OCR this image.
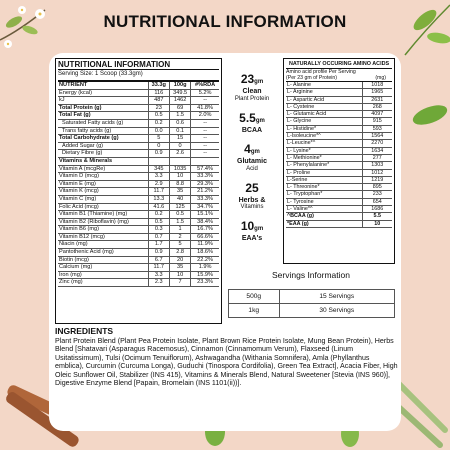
NUTRITIONAL INFORMATION
NUTRITIONAL INFORMATION
Serving Size: 1 Scoop (33.3gm)
NUTRIENT	33.3g	100g	#%RDA
Energy (kcal)	116	349.5	5.2%
kJ	487	1462	--
Total Protein (g)	23	69	41.8%
Total Fat (g)	0.5	1.5	2.0%
Saturated Fatty acids (g)	0.2	0.6	--
Trans fatty acids (g)	0.0	0.1	--
Total Carbohydrate (g)	5	15	--
Added Sugar (g)	0	0	--
Dietary Fibre (g)	0.9	2.6	--
Vitamins & Minerals			
Vitamin A (mcgRe)	345	1035	57.4%
Vitamin D (mcg)	3.3	10	33.3%
Vitamin E (mg)	2.9	8.8	29.3%
Vitamin K (mcg)	11.7	35	21.2%
Vitamin C (mg)	13.3	40	33.3%
Folic Acid (mcg)	41.6	125	34.7%
Vitamin B1 (Thiamine) (mg)	0.2	0.5	15.1%
Vitamin B2 (Riboflavin) (mg)	0.5	1.5	38.4%
Vitamin B6 (mg)	0.3	1	16.7%
Vitamin B12 (mcg)	0.7	2	66.6%
Niacin (mg)	1.7	5	11.9%
Pantothenic Acid (mg)	0.9	2.8	18.6%
Biotin (mcg)	6.7	20	22.2%
Calcium (mg)	11.7	35	1.9%
Iron (mg)	3.3	10	15.9%
Zinc (mg)	2.3	7	23.3%
23gm
Clean
Plant Protein
5.5gm
BCAA
4gm
Glutamic
Acid
25
Herbs &
Vitamins
10gm
EAA's
NATURALLY OCCURING AMINO ACIDS
Amino acid profile Per Serving
(Per 23 gm of Protein)	(mg)
L- Alanine	1018
L- Arginine	1965
L- Aspartic Acid	2631
L- Cysteine	268
L- Glutamic Acid	4097
L- Glycine	915
L- Histidine*	593
L-Isoleucine*^	1564
L-Leucine*^	2270
L- Lysine*	1634
L- Methionine*	277
L- Phenylalanine*	1303
L- Proline	1012
L-Serine	1219
L- Threonine*	895
L- Tryptophan*	233
L- Tyrosine	654
L- Valine*^	1686
^BCAA (g)	5.5
*EAA (g)	10
Servings Information
500g	15 Servings
1kg	30 Servings
INGREDIENTS
Plant Protein Blend (Plant Pea Protein Isolate, Plant Brown Rice Protein Isolate, Mung Bean Protein), Herbs Blend [Shatavari (Asparagus Racemosus), Cinnamon (Cinnamomum Verum), Flaxseed (Linum Usitatissimum), Tulsi (Ocimum Tenuiflorum), Ashwagandha (Withania Somnifera), Amla (Phyllanthus emblica), Curcumin (Curcuma Longa), Guduchi (Tinospora Cordifolia), Green Tea Extract], Acacia Fiber, High Oleic Sunflower Oil, Stabilizer (INS 415), Vitamins & Minerals Blend, Natural Sweetener [Stevia (INS 960)], Digestive Enzyme Blend [Papain, Bromelain (INS 1101(ii))].
